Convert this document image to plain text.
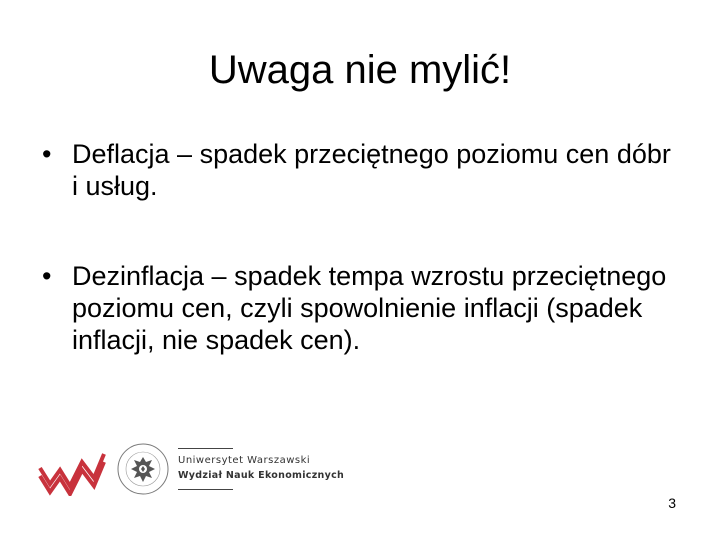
Uwaga nie mylić!
• Deflacja – spadek przeciętnego poziomu cen dóbr i usług.
• Dezinflacja – spadek tempa wzrostu przeciętnego poziomu cen, czyli spowolnienie inflacji (spadek inflacji, nie spadek cen).
Uniwersytet Warszawski
Wydział Nauk Ekonomicznych
3
